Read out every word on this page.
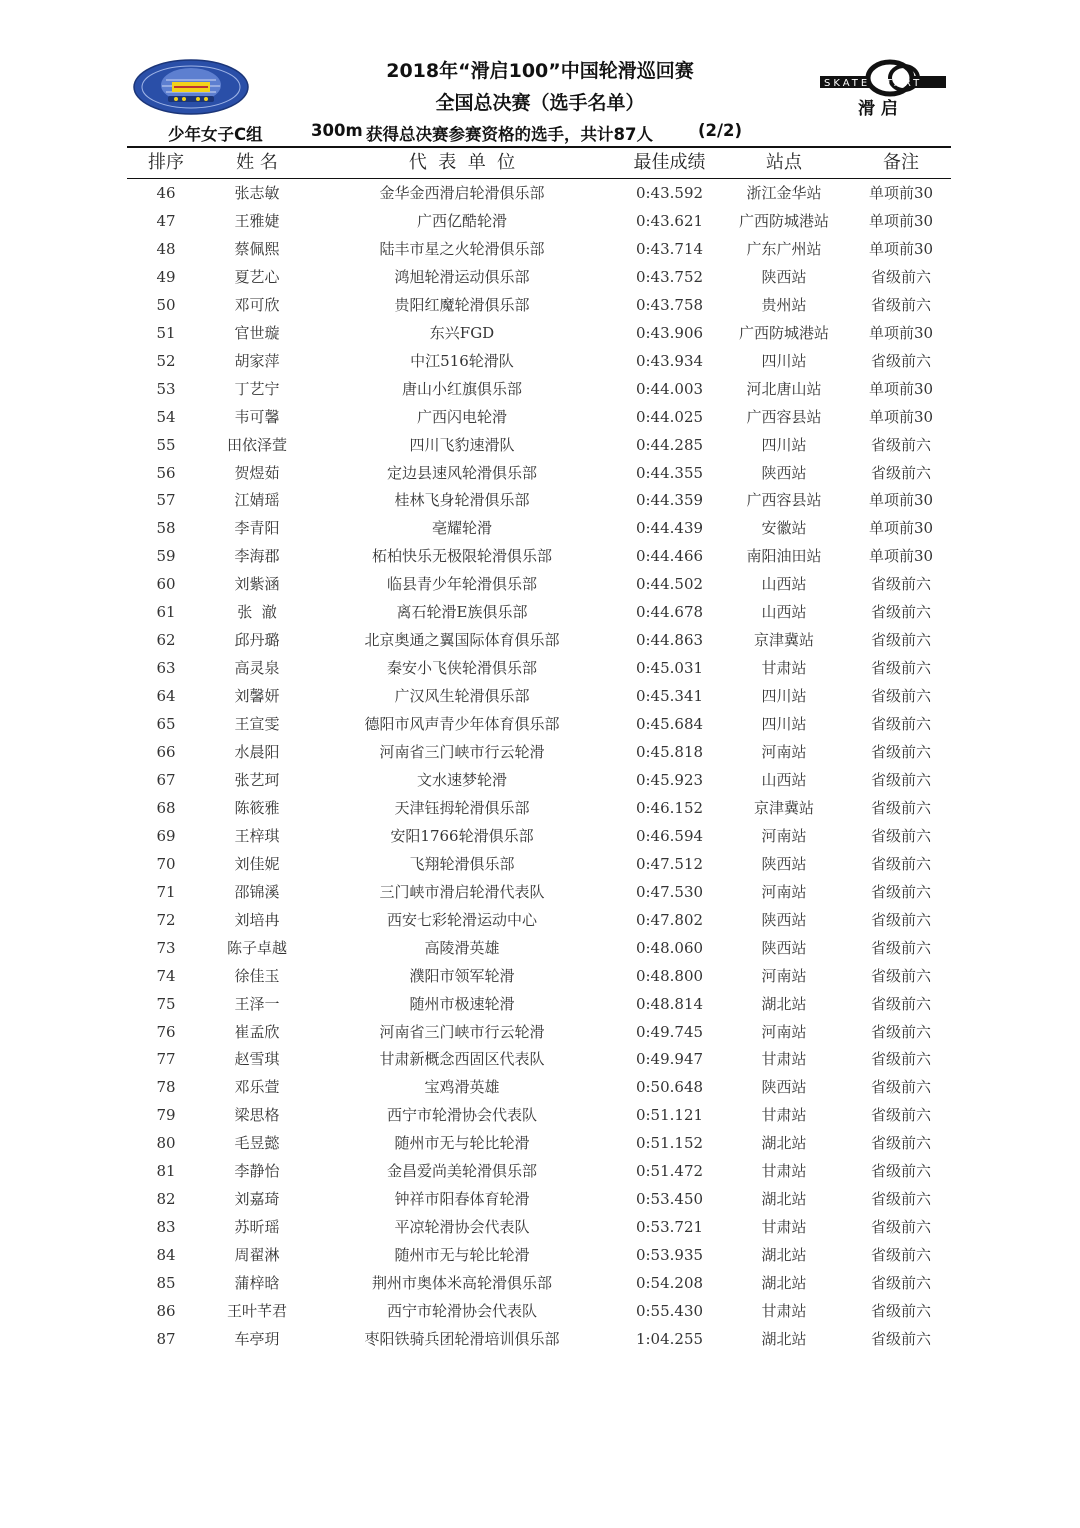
SKATE START
滑 启
2018年“滑启100”中国轮滑巡回赛
全国总决赛（选手名单）
少年女子C组	300m 获得总决赛参赛资格的选手，共计87人	(2/2)
排序	姓 名	代  表  单  位	最佳成绩	站点	备注
46	张志敏	金华金西滑启轮滑俱乐部	0:43.592	浙江金华站	单项前30
47	王雅婕	广西亿酷轮滑	0:43.621	广西防城港站	单项前30
48	蔡佩熙	陆丰市星之火轮滑俱乐部	0:43.714	广东广州站	单项前30
49	夏艺心	鸿旭轮滑运动俱乐部	0:43.752	陕西站	省级前六
50	邓可欣	贵阳红魔轮滑俱乐部	0:43.758	贵州站	省级前六
51	官世璇	东兴FGD	0:43.906	广西防城港站	单项前30
52	胡家萍	中江516轮滑队	0:43.934	四川站	省级前六
53	丁艺宁	唐山小红旗俱乐部	0:44.003	河北唐山站	单项前30
54	韦可馨	广西闪电轮滑	0:44.025	广西容县站	单项前30
55	田依泽萱	四川飞豹速滑队	0:44.285	四川站	省级前六
56	贺煜茹	定边县速风轮滑俱乐部	0:44.355	陕西站	省级前六
57	江婧瑶	桂林飞身轮滑俱乐部	0:44.359	广西容县站	单项前30
58	李青阳	亳耀轮滑	0:44.439	安徽站	单项前30
59	李海郡	柘柏快乐无极限轮滑俱乐部	0:44.466	南阳油田站	单项前30
60	刘紫涵	临县青少年轮滑俱乐部	0:44.502	山西站	省级前六
61	张  澈	离石轮滑E族俱乐部	0:44.678	山西站	省级前六
62	邱丹璐	北京奥通之翼国际体育俱乐部	0:44.863	京津冀站	省级前六
63	高灵泉	秦安小飞侠轮滑俱乐部	0:45.031	甘肃站	省级前六
64	刘馨妍	广汉风生轮滑俱乐部	0:45.341	四川站	省级前六
65	王宣雯	德阳市风声青少年体育俱乐部	0:45.684	四川站	省级前六
66	水晨阳	河南省三门峡市行云轮滑	0:45.818	河南站	省级前六
67	张艺珂	文水速梦轮滑	0:45.923	山西站	省级前六
68	陈筱雅	天津钰拇轮滑俱乐部	0:46.152	京津冀站	省级前六
69	王梓琪	安阳1766轮滑俱乐部	0:46.594	河南站	省级前六
70	刘佳妮	飞翔轮滑俱乐部	0:47.512	陕西站	省级前六
71	邵锦溪	三门峡市滑启轮滑代表队	0:47.530	河南站	省级前六
72	刘培冉	西安七彩轮滑运动中心	0:47.802	陕西站	省级前六
73	陈子卓越	高陵滑英雄	0:48.060	陕西站	省级前六
74	徐佳玉	濮阳市领军轮滑	0:48.800	河南站	省级前六
75	王泽一	随州市极速轮滑	0:48.814	湖北站	省级前六
76	崔孟欣	河南省三门峡市行云轮滑	0:49.745	河南站	省级前六
77	赵雪琪	甘肃新概念西固区代表队	0:49.947	甘肃站	省级前六
78	邓乐萱	宝鸡滑英雄	0:50.648	陕西站	省级前六
79	梁思格	西宁市轮滑协会代表队	0:51.121	甘肃站	省级前六
80	毛昱懿	随州市无与轮比轮滑	0:51.152	湖北站	省级前六
81	李静怡	金昌爱尚美轮滑俱乐部	0:51.472	甘肃站	省级前六
82	刘嘉琦	钟祥市阳春体育轮滑	0:53.450	湖北站	省级前六
83	苏昕瑶	平凉轮滑协会代表队	0:53.721	甘肃站	省级前六
84	周翟淋	随州市无与轮比轮滑	0:53.935	湖北站	省级前六
85	蒲梓晗	荆州市奥体米高轮滑俱乐部	0:54.208	湖北站	省级前六
86	王叶芊君	西宁市轮滑协会代表队	0:55.430	甘肃站	省级前六
87	车亭玥	枣阳铁骑兵团轮滑培训俱乐部	1:04.255	湖北站	省级前六
